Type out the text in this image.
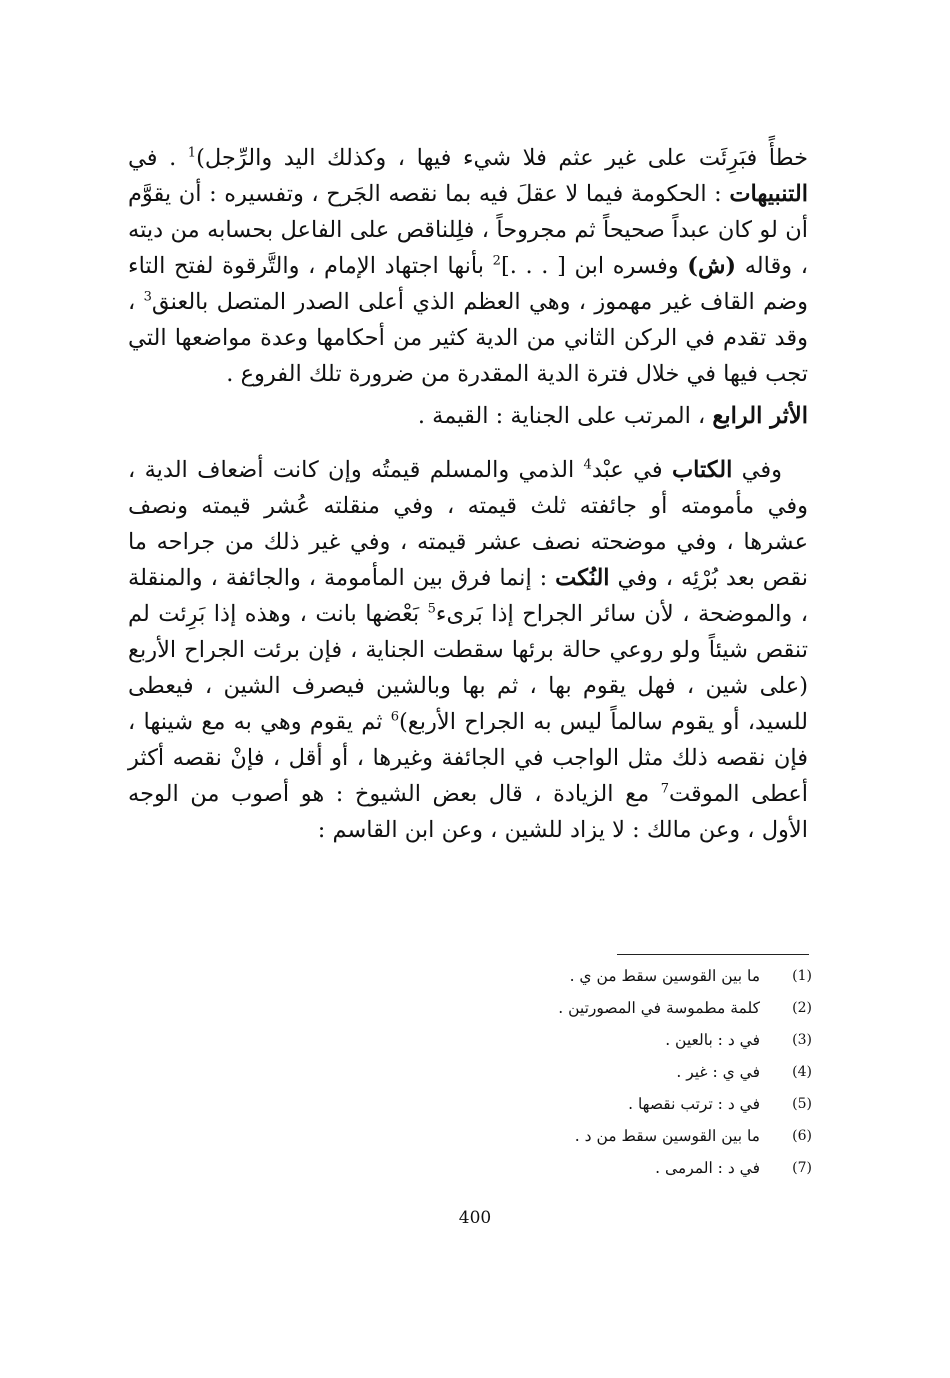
خطأً فبَرِئَت على غير عثم فلا شيء فيها ، وكذلك اليد والرِّجل)$^1$ . في التنبيهات : الحكومة فيما لا عقلَ فيه بما نقصه الجَرح ، وتفسيره : أن يقوَّم أن لو كان عبداً صحيحاً ثم مجروحاً ، فلِلناقص على الفاعل بحسابه من ديته ، وقاله (ش) وفسره ابن [ . . .]$^2$ بأنها اجتهاد الإمام ، والتَّرقوة لفتح التاء وضم القاف غير مهموز ، وهي العظم الذي أعلى الصدر المتصل بالعنق$^3$ ، وقد تقدم في الركن الثاني من الدية كثير من أحكامها وعدة مواضعها التي تجب فيها في خلال فترة الدية المقدرة من ضرورة تلك الفروع .

الأثر الرابع ، المرتب على الجناية : القيمة .

وفي الكتاب في عبْد$^4$ الذمي والمسلم قيمتُه وإن كانت أضعاف الدية ، وفي مأمومته أو جائفته ثلث قيمته ، وفي منقلته عُشر قيمته ونصف عشرها ، وفي موضحته نصف عشر قيمته ، وفي غير ذلك من جراحه ما نقص بعد بُرْئِه ، وفي النُكت : إنما فرق بين المأمومة ، والجائفة ، والمنقلة ، والموضحة ، لأن سائر الجراح إذا بَرىء$^5$ بَعْضها بانت ، وهذه إذا بَرِئت لم تنقص شيئاً ولو روعي حالة برئها سقطت الجناية ، فإن برئت الجراح الأربع (على شين ، فهل يقوم بها ، ثم بها وبالشين فيصرف الشين ، فيعطى للسيد، أو يقوم سالماً ليس به الجراح الأربع)$^6$ ثم يقوم وهي به مع شينها ، فإن نقصه ذلك مثل الواجب في الجائفة وغيرها ، أو أقل ، فإنْ نقصه أكثر أعطى الموقت$^7$ مع الزيادة ، قال بعض الشيوخ : هو أصوب من الوجه الأول ، وعن مالك : لا يزاد للشين ، وعن ابن القاسم :

(1)
ما بين القوسين سقط من ي .
(2)
كلمة مطموسة في المصورتين .
(3)
في د : بالعين .
(4)
في ي : غير .
(5)
في د : ترتب نقصها .
(6)
ما بين القوسين سقط من د .
(7)
في د : المرمى .
400
